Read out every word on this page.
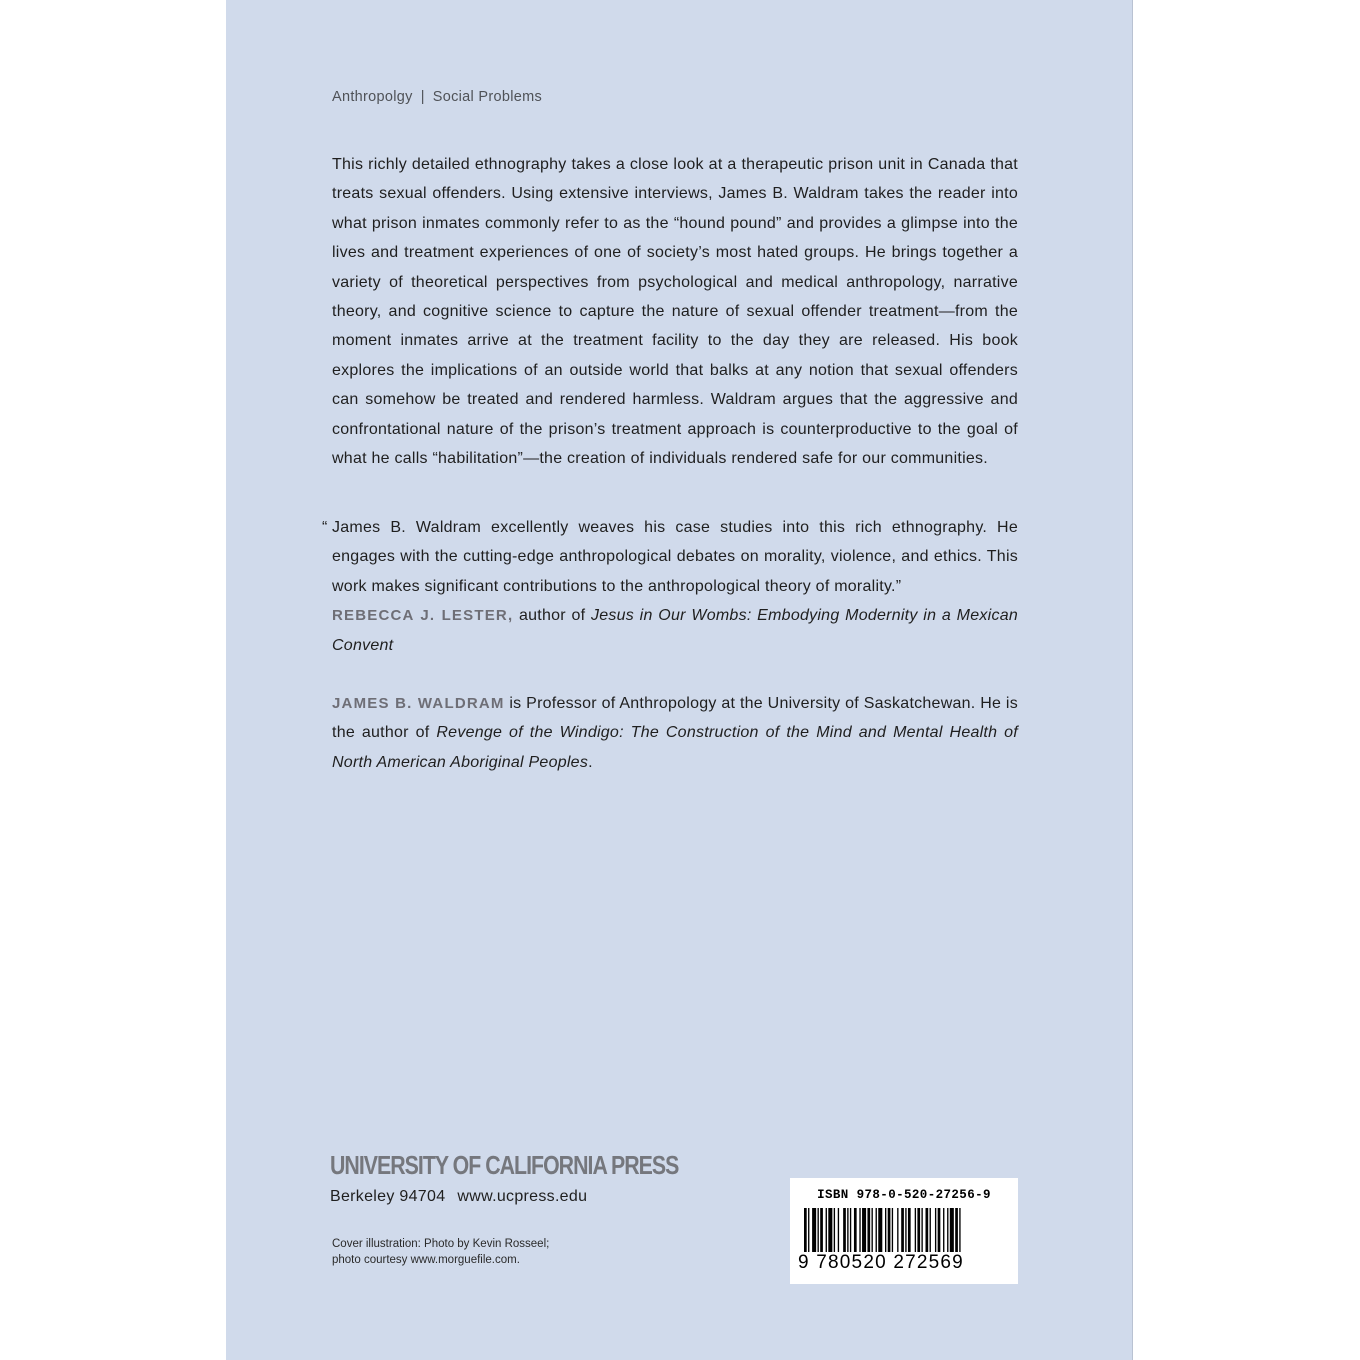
Anthropolgy | Social Problems

This richly detailed ethnography takes a close look at a therapeutic prison unit in Canada that treats sexual offenders. Using extensive interviews, James B. Waldram takes the reader into what prison inmates commonly refer to as the “hound pound” and provides a glimpse into the lives and treatment experiences of one of society’s most hated groups. He brings together a variety of theoretical perspectives from psychological and medical anthropology, narrative theory, and cognitive science to capture the nature of sexual offender treatment—from the moment inmates arrive at the treatment facility to the day they are released. His book explores the implications of an outside world that balks at any notion that sexual offenders can somehow be treated and rendered harmless. Waldram argues that the aggressive and confrontational nature of the prison’s treatment approach is counterproductive to the goal of what he calls “habilitation”—the creation of individuals rendered safe for our communities.

“ James B. Waldram excellently weaves his case studies into this rich ethnography. He engages with the cutting-edge anthropological debates on morality, violence, and ethics. This work makes significant contributions to the anthropological theory of morality.”
REBECCA J. LESTER, author of Jesus in Our Wombs: Embodying Modernity in a Mexican Convent

JAMES B. WALDRAM is Professor of Anthropology at the University of Saskatchewan. He is the author of Revenge of the Windigo: The Construction of the Mind and Mental Health of North American Aboriginal Peoples.

UNIVERSITY OF CALIFORNIA PRESS
Berkeley 94704 www.ucpress.edu
Cover illustration: Photo by Kevin Rosseel;
photo courtesy www.morguefile.com.
ISBN 978-0-520-27256-9
9 780520 272569
